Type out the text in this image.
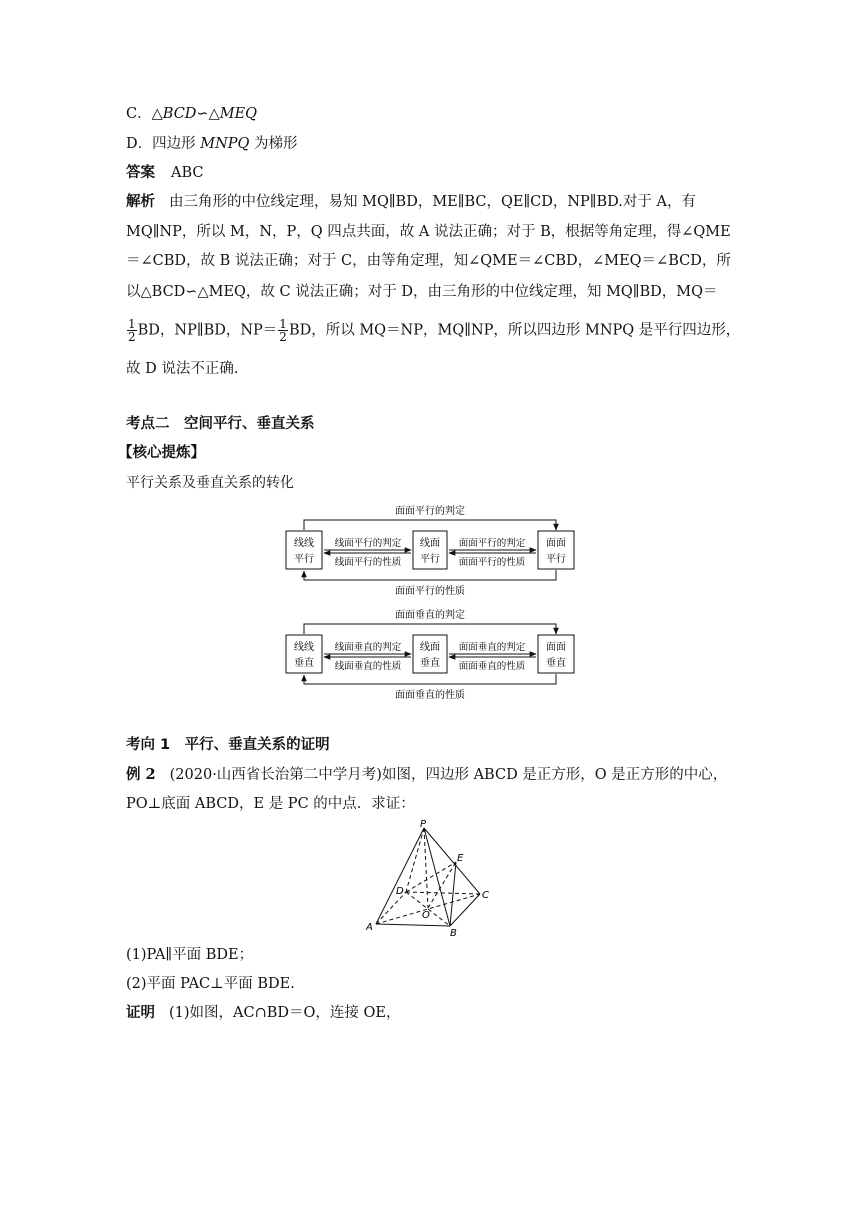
C．△BCD∽△MEQ
D．四边形 MNPQ 为梯形
答案 ABC
解析 由三角形的中位线定理，易知 MQ∥BD，ME∥BC，QE∥CD，NP∥BD.对于 A，有
MQ∥NP，所以 M，N，P，Q 四点共面，故 A 说法正确；对于 B，根据等角定理，得∠QME
＝∠CBD，故 B 说法正确；对于 C，由等角定理，知∠QME＝∠CBD，∠MEQ＝∠BCD，所
以△BCD∽△MEQ，故 C 说法正确；对于 D，由三角形的中位线定理，知 MQ∥BD，MQ＝
$\frac{1}{2}$ BD，NP∥BD，$NP= \frac{1}{2}$ BD，所以 MQ＝NP，MQ∥NP，所以四边形 MNPQ 是平行四边形，
故 D 说法不正确.
考点二　空间平行、垂直关系
【核心提炼】
平行关系及垂直关系的转化
面面平行的判定
线线
平行
线面
平行
面面
平行
线面平行的判定
线面平行的性质
面面平行的判定
面面平行的性质
面面平行的性质
面面垂直的判定
线线
垂直
线面
垂直
面面
垂直
线面垂直的判定
线面垂直的性质
面面垂直的判定
面面垂直的性质
面面垂直的性质
考向 1　平行、垂直关系的证明
例 2 (2020·山西省长治第二中学月考)如图，四边形 ABCD 是正方形，O 是正方形的中心，
PO⊥底面 ABCD，E 是 PC 的中点．求证：
P
E
D	C
O
A
B
(1)PA∥平面 BDE；
(2)平面 PAC⊥平面 BDE.
证明 (1)如图，AC∩BD＝O，连接 OE，
